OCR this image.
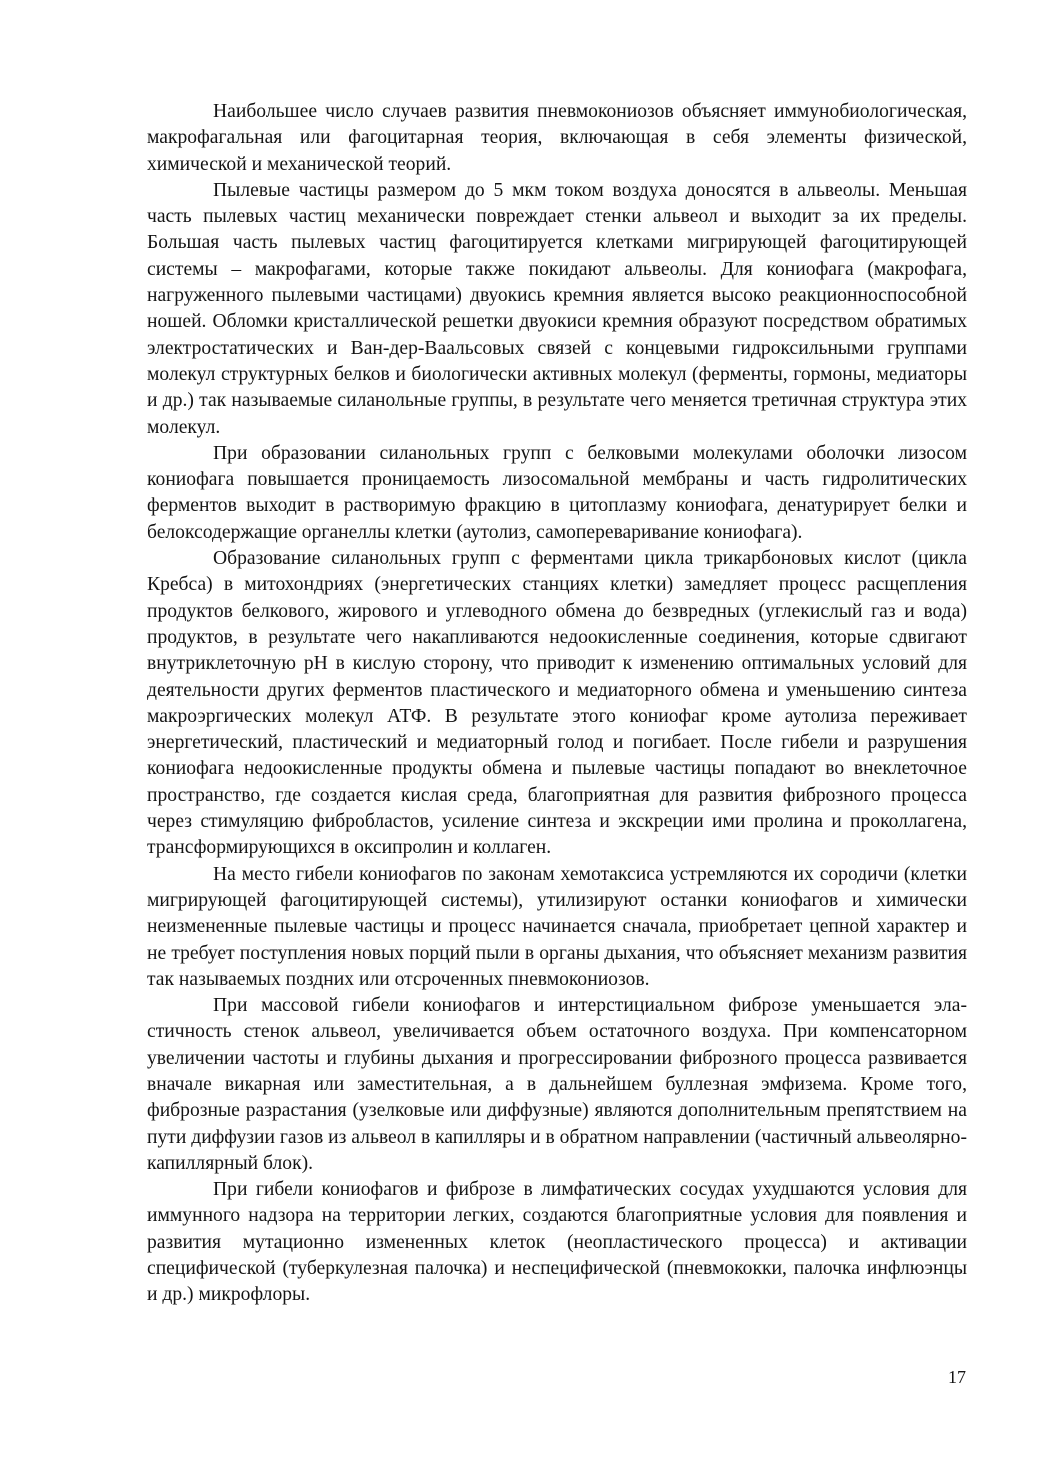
Наибольшее число случаев развития пневмокониозов объясняет иммунобиологическая, макрофагальная или фагоцитарная теория, включающая в себя элементы физической, химической и механической теорий.

Пылевые частицы размером до 5 мкм током воздуха доносятся в альвеолы. Меньшая часть пылевых частиц механически повреждает стенки альвеол и выходит за их пределы. Большая часть пылевых частиц фагоцитируется клетками мигрирующей фагоцитирующей системы – макрофагами, которые также покидают альвеолы. Для кониофага (макрофага, нагруженного пылевыми частицами) двуокись кремния является высоко реакционноспособной ношей. Обломки кристаллической решетки двуокиси кремния образуют посредством обратимых электростатических и Ван-дер-Ваальсовых связей с концевыми гидроксильными группами молекул структурных белков и биологически активных молекул (ферменты, гормоны, медиаторы и др.) так называемые силанольные группы, в результате чего меняется третичная структура этих молекул.

При образовании силанольных групп с белковыми молекулами оболочки лизосом кониофага повышается проницаемость лизосомальной мембраны и часть гидролитических ферментов выходит в растворимую фракцию в цитоплазму кониофага, денатурирует белки и белоксодержащие органеллы клетки (аутолиз, самопереваривание кониофага).

Образование силанольных групп с ферментами цикла трикарбоновых кислот (цикла Кребса) в митохондриях (энергетических станциях клетки) замедляет процесс расщепления продуктов белкового, жирового и углеводного обмена до безвредных (углекислый газ и вода) продуктов, в результате чего накапливаются недоокисленные соединения, которые сдвигают внутриклеточную pH в кислую сторону, что приводит к изменению оптимальных условий для деятельности других ферментов пластического и медиаторного обмена и уменьшению синтеза макроэргических молекул АТФ. В результате этого кониофаг кроме аутолиза переживает энергетический, пластический и медиаторный голод и погибает. После гибели и разрушения кониофага недоокисленные продукты обмена и пылевые частицы попадают во внеклеточное пространство, где создается кислая среда, благоприятная для развития фиброзного процесса через стимуляцию фибробластов, усиление синтеза и экскреции ими пролина и проколлагена, трансформирующихся в оксипролин и коллаген.

На место гибели кониофагов по законам хемотаксиса устремляются их сородичи (клетки мигрирующей фагоцитирующей системы), утилизируют останки кониофагов и химически неизмененные пылевые частицы и процесс начинается сначала, приобретает цепной характер и не требует поступления новых порций пыли в органы дыхания, что объясняет механизм развития так называемых поздних или отсроченных пневмокониозов.

При массовой гибели кониофагов и интерстициальном фиброзе уменьшается эластичность стенок альвеол, увеличивается объем остаточного воздуха. При компенсаторном увеличении частоты и глубины дыхания и прогрессировании фиброзного процесса развивается вначале викарная или заместительная, а в дальнейшем буллезная эмфизема. Кроме того, фиброзные разрастания (узелковые или диффузные) являются дополнительным препятствием на пути диффузии газов из альвеол в капилляры и в обратном направлении (частичный альвеолярно-капиллярный блок).

При гибели кониофагов и фиброзе в лимфатических сосудах ухудшаются условия для иммунного надзора на территории легких, создаются благоприятные условия для появления и развития мутационно измененных клеток (неопластического процесса) и активации специфической (туберкулезная палочка) и неспецифической (пневмококки, палочка инфлюэнцы и др.) микрофлоры.

17
